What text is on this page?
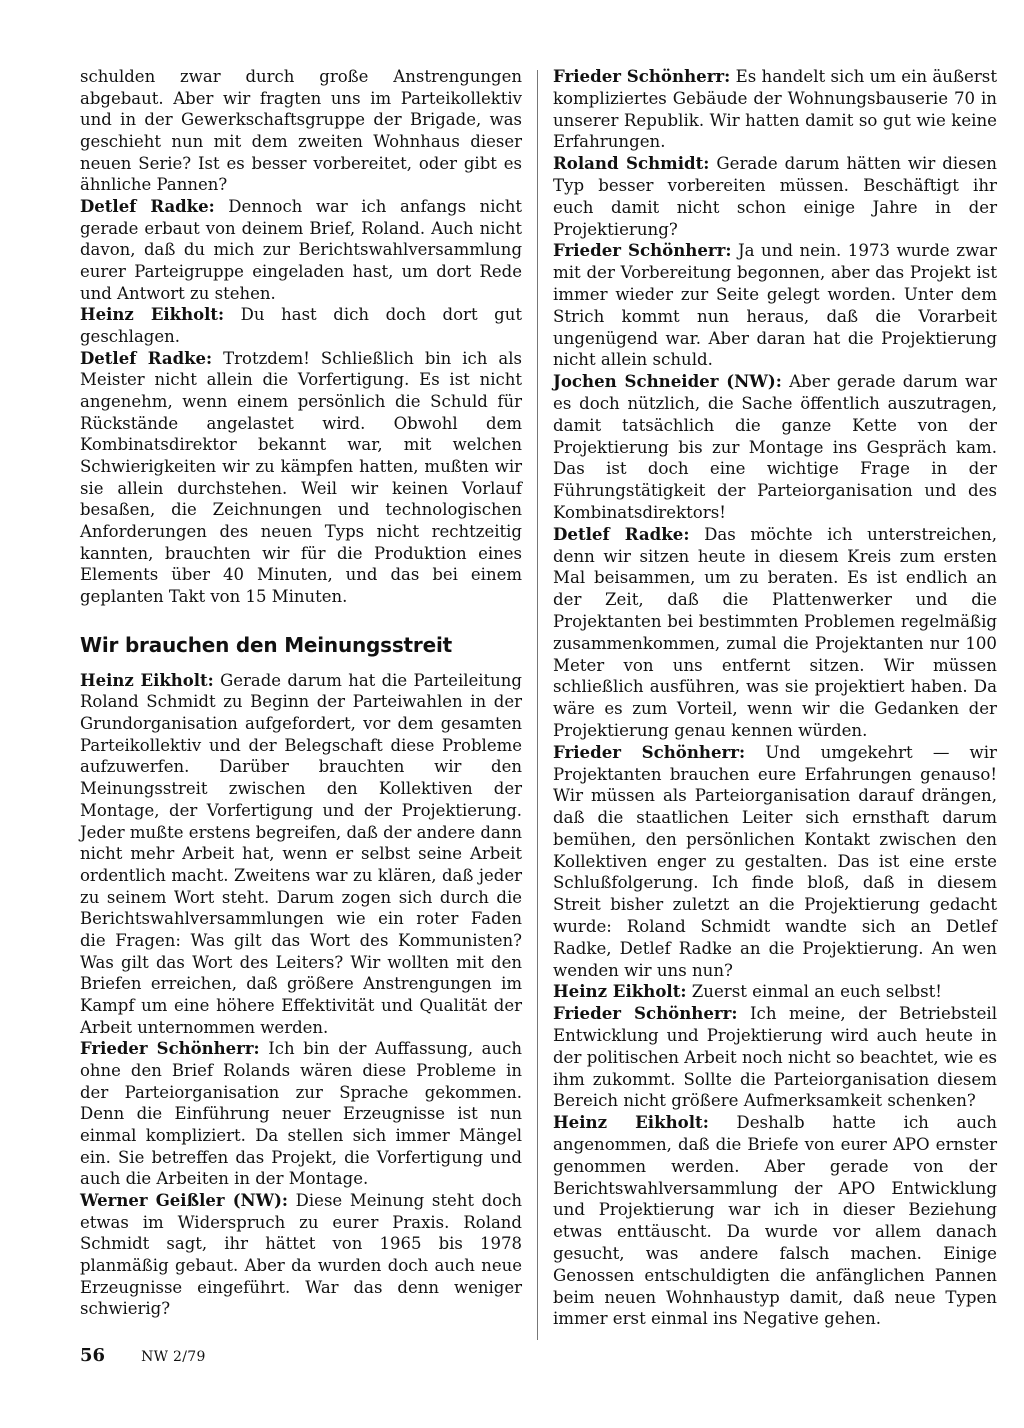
schulden zwar durch große Anstrengungen abgebaut. Aber wir fragten uns im Parteikollektiv und in der Gewerkschaftsgruppe der Brigade, was geschieht nun mit dem zweiten Wohnhaus dieser neuen Serie? Ist es besser vorbereitet, oder gibt es ähnliche Pannen?

Detlef Radke: Dennoch war ich anfangs nicht gerade erbaut von deinem Brief, Roland. Auch nicht davon, daß du mich zur Berichtswahlversammlung eurer Parteigruppe eingeladen hast, um dort Rede und Antwort zu stehen.

Heinz Eikholt: Du hast dich doch dort gut geschlagen.

Detlef Radke: Trotzdem! Schließlich bin ich als Meister nicht allein die Vorfertigung. Es ist nicht angenehm, wenn einem persönlich die Schuld für Rückstände angelastet wird. Obwohl dem Kombinatsdirektor bekannt war, mit welchen Schwierigkeiten wir zu kämpfen hatten, mußten wir sie allein durchstehen. Weil wir keinen Vorlauf besaßen, die Zeichnungen und technologischen Anforderungen des neuen Typs nicht rechtzeitig kannten, brauchten wir für die Produktion eines Elements über 40 Minuten, und das bei einem geplanten Takt von 15 Minuten.

Wir brauchen den Meinungsstreit

Heinz Eikholt: Gerade darum hat die Parteileitung Roland Schmidt zu Beginn der Parteiwahlen in der Grundorganisation aufgefordert, vor dem gesamten Parteikollektiv und der Belegschaft diese Probleme aufzuwerfen. Darüber brauchten wir den Meinungsstreit zwischen den Kollektiven der Montage, der Vorfertigung und der Projektierung. Jeder mußte erstens begreifen, daß der andere dann nicht mehr Arbeit hat, wenn er selbst seine Arbeit ordentlich macht. Zweitens war zu klären, daß jeder zu seinem Wort steht. Darum zogen sich durch die Berichtswahlversammlungen wie ein roter Faden die Fragen: Was gilt das Wort des Kommunisten? Was gilt das Wort des Leiters? Wir wollten mit den Briefen erreichen, daß größere Anstrengungen im Kampf um eine höhere Effektivität und Qualität der Arbeit unternommen werden.

Frieder Schönherr: Ich bin der Auffassung, auch ohne den Brief Rolands wären diese Probleme in der Parteiorganisation zur Sprache gekommen. Denn die Einführung neuer Erzeugnisse ist nun einmal kompliziert. Da stellen sich immer Mängel ein. Sie betreffen das Projekt, die Vorfertigung und auch die Arbeiten in der Montage.

Werner Geißler (NW): Diese Meinung steht doch etwas im Widerspruch zu eurer Praxis. Roland Schmidt sagt, ihr hättet von 1965 bis 1978 planmäßig gebaut. Aber da wurden doch auch neue Erzeugnisse eingeführt. War das denn weniger schwierig?

Frieder Schönherr: Es handelt sich um ein äußerst kompliziertes Gebäude der Wohnungsbauserie 70 in unserer Republik. Wir hatten damit so gut wie keine Erfahrungen.

Roland Schmidt: Gerade darum hätten wir diesen Typ besser vorbereiten müssen. Beschäftigt ihr euch damit nicht schon einige Jahre in der Projektierung?

Frieder Schönherr: Ja und nein. 1973 wurde zwar mit der Vorbereitung begonnen, aber das Projekt ist immer wieder zur Seite gelegt worden. Unter dem Strich kommt nun heraus, daß die Vorarbeit ungenügend war. Aber daran hat die Projektierung nicht allein schuld.

Jochen Schneider (NW): Aber gerade darum war es doch nützlich, die Sache öffentlich auszutragen, damit tatsächlich die ganze Kette von der Projektierung bis zur Montage ins Gespräch kam. Das ist doch eine wichtige Frage in der Führungstätigkeit der Parteiorganisation und des Kombinatsdirektors!

Detlef Radke: Das möchte ich unterstreichen, denn wir sitzen heute in diesem Kreis zum ersten Mal beisammen, um zu beraten. Es ist endlich an der Zeit, daß die Plattenwerker und die Projektanten bei bestimmten Problemen regelmäßig zusammenkommen, zumal die Projektanten nur 100 Meter von uns entfernt sitzen. Wir müssen schließlich ausführen, was sie projektiert haben. Da wäre es zum Vorteil, wenn wir die Gedanken der Projektierung genau kennen würden.

Frieder Schönherr: Und umgekehrt — wir Projektanten brauchen eure Erfahrungen genauso! Wir müssen als Parteiorganisation darauf drängen, daß die staatlichen Leiter sich ernsthaft darum bemühen, den persönlichen Kontakt zwischen den Kollektiven enger zu gestalten. Das ist eine erste Schlußfolgerung. Ich finde bloß, daß in diesem Streit bisher zuletzt an die Projektierung gedacht wurde: Roland Schmidt wandte sich an Detlef Radke, Detlef Radke an die Projektierung. An wen wenden wir uns nun?

Heinz Eikholt: Zuerst einmal an euch selbst!

Frieder Schönherr: Ich meine, der Betriebsteil Entwicklung und Projektierung wird auch heute in der politischen Arbeit noch nicht so beachtet, wie es ihm zukommt. Sollte die Parteiorganisation diesem Bereich nicht größere Aufmerksamkeit schenken?

Heinz Eikholt: Deshalb hatte ich auch angenommen, daß die Briefe von eurer APO ernster genommen werden. Aber gerade von der Berichtswahlversammlung der APO Entwicklung und Projektierung war ich in dieser Beziehung etwas enttäuscht. Da wurde vor allem danach gesucht, was andere falsch machen. Einige Genossen entschuldigten die anfänglichen Pannen beim neuen Wohnhaustyp damit, daß neue Typen immer erst einmal ins Negative gehen.

56	NW 2/79
